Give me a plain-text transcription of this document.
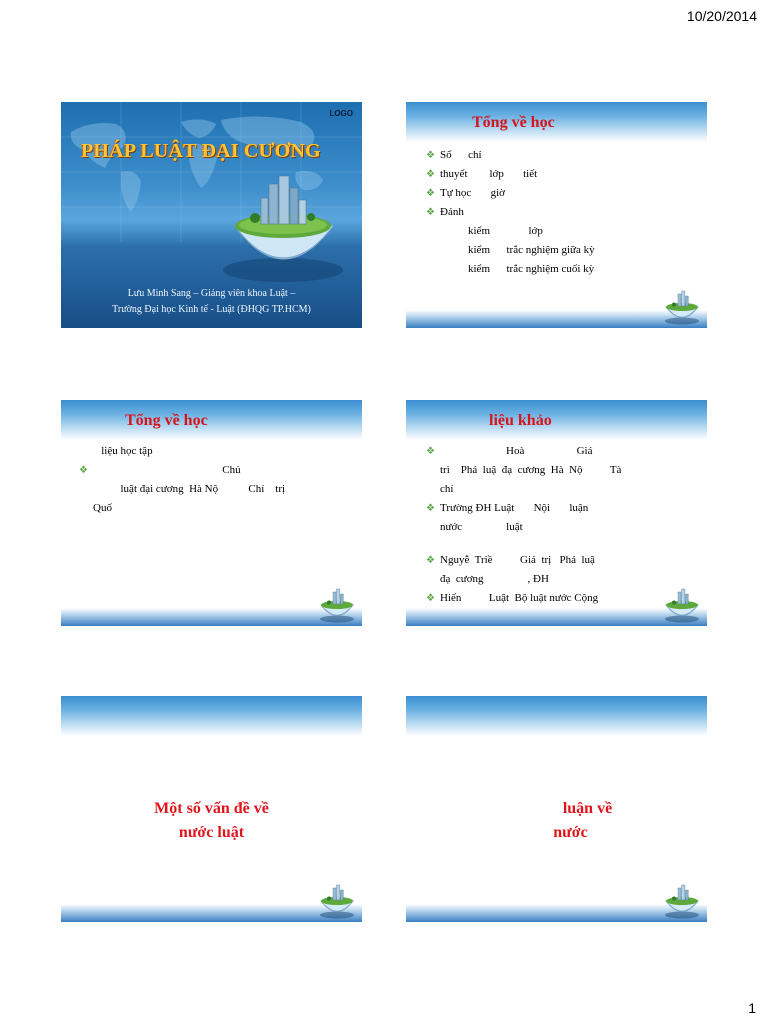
10/20/2014
LOGO
PHÁP LUẬT ĐẠI CƯƠNG
Lưu Minh Sang – Giảng viên khoa Luật –
Trường Đại học Kinh tế - Luật (ĐHQG TP.HCM)
Tổng về học
❖ Số      chỉ
❖ thuyết        lớp       tiết
❖ Tự học       giờ
❖ Đánh
kiểm              lớp
kiểm      trắc nghiệm giữa kỳ
kiểm      trắc nghiệm cuối kỳ
Tổng về học
liệu học tập
❖ Chủ
luật đại cương  Hà Nộ           Chí    trị
Quố
liệu khảo
❖ Hoà                   Giá
trì    Phá  luậ  đạ  cương  Hà  Nộ          Tà
chí
❖ Trường ĐH Luật       Nội       luận
nước                luật
❖ Nguyễ  Triề          Giá  trị   Phá  luậ
đạ  cương                , ĐH
❖ Hiến          Luật  Bộ luật nước Cộng
Một số vấn đề về
nước luật
luận về
nước
1
